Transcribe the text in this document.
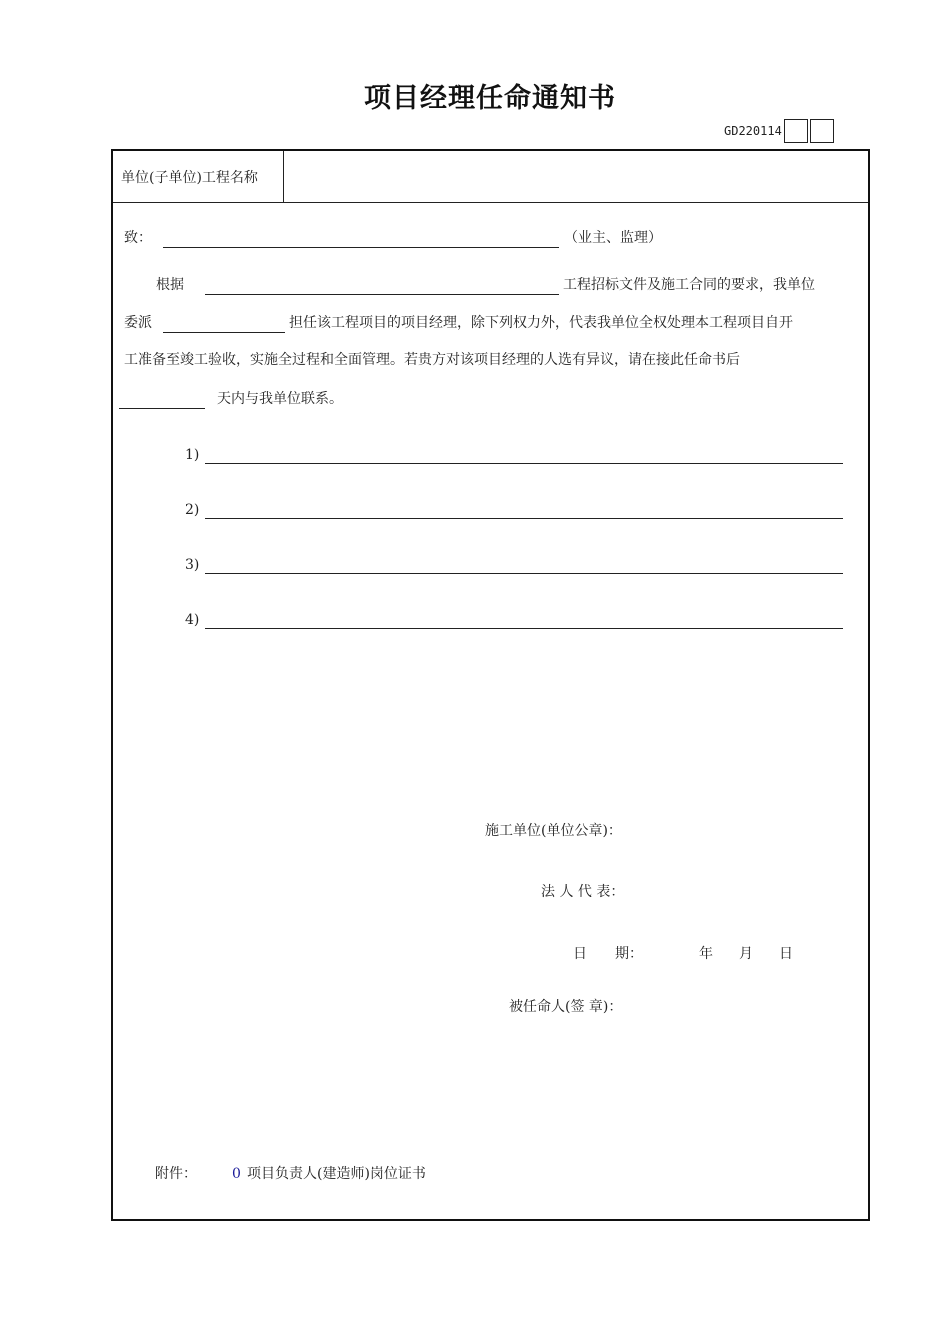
项目经理任命通知书
GD220114
单位(子单位)工程名称
致：	（业主、监理）
根据	工程招标文件及施工合同的要求，我单位
委派	担任该工程项目的项目经理，除下列权力外，代表我单位全权处理本工程项目自开
工准备至竣工验收，实施全过程和全面管理。若贵方对该项目经理的人选有异议，请在接此任命书后
天内与我单位联系。
1)
2)
3)
4)
施工单位(单位公章)：
法 人 代 表：
日　　期：	年 月 日
被任命人(签 章)：
附件：	0 项目负责人(建造师)岗位证书
